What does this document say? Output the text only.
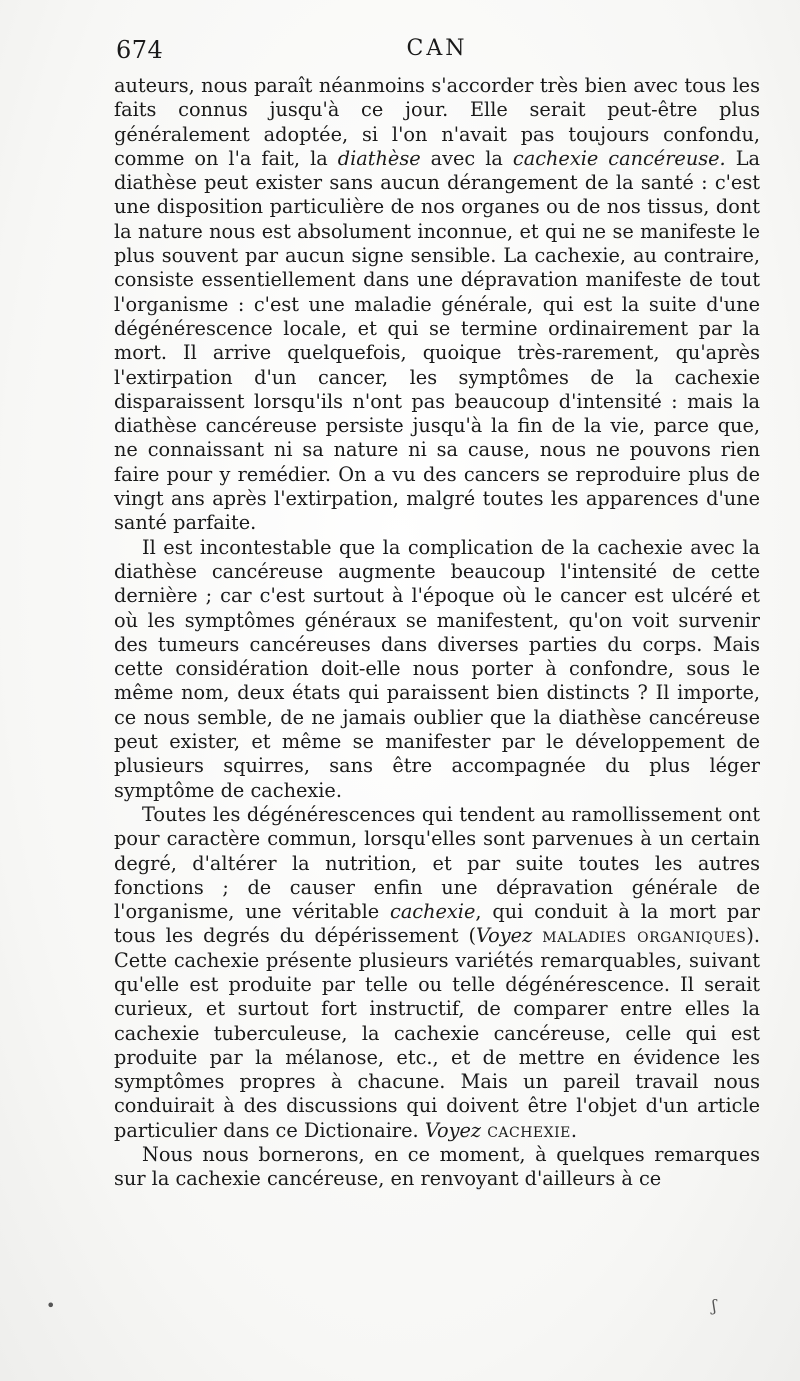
674	CAN

auteurs, nous paraît néanmoins s'accorder très bien avec tous les faits connus jusqu'à ce jour. Elle serait peut-être plus généralement adoptée, si l'on n'avait pas toujours confondu, comme on l'a fait, la diathèse avec la cachexie cancéreuse. La diathèse peut exister sans aucun dérangement de la santé : c'est une disposition particulière de nos organes ou de nos tissus, dont la nature nous est absolument inconnue, et qui ne se manifeste le plus souvent par aucun signe sensible. La cachexie, au contraire, consiste essentiellement dans une dépravation manifeste de tout l'organisme : c'est une maladie générale, qui est la suite d'une dégénérescence locale, et qui se termine ordinairement par la mort. Il arrive quelquefois, quoique très-rarement, qu'après l'extirpation d'un cancer, les symptômes de la cachexie disparaissent lorsqu'ils n'ont pas beaucoup d'intensité : mais la diathèse cancéreuse persiste jusqu'à la fin de la vie, parce que, ne connaissant ni sa nature ni sa cause, nous ne pouvons rien faire pour y remédier. On a vu des cancers se reproduire plus de vingt ans après l'extirpation, malgré toutes les apparences d'une santé parfaite.

Il est incontestable que la complication de la cachexie avec la diathèse cancéreuse augmente beaucoup l'intensité de cette dernière ; car c'est surtout à l'époque où le cancer est ulcéré et où les symptômes généraux se manifestent, qu'on voit survenir des tumeurs cancéreuses dans diverses parties du corps. Mais cette considération doit-elle nous porter à confondre, sous le même nom, deux états qui paraissent bien distincts ? Il importe, ce nous semble, de ne jamais oublier que la diathèse cancéreuse peut exister, et même se manifester par le développement de plusieurs squirres, sans être accompagnée du plus léger symptôme de cachexie.

Toutes les dégénérescences qui tendent au ramollissement ont pour caractère commun, lorsqu'elles sont parvenues à un certain degré, d'altérer la nutrition, et par suite toutes les autres fonctions ; de causer enfin une dépravation générale de l'organisme, une véritable cachexie, qui conduit à la mort par tous les degrés du dépérissement (Voyez maladies organiques). Cette cachexie présente plusieurs variétés remarquables, suivant qu'elle est produite par telle ou telle dégénérescence. Il serait curieux, et surtout fort instructif, de comparer entre elles la cachexie tuberculeuse, la cachexie cancéreuse, celle qui est produite par la mélanose, etc., et de mettre en évidence les symptômes propres à chacune. Mais un pareil travail nous conduirait à des discussions qui doivent être l'objet d'un article particulier dans ce Dictionaire. Voyez cachexie.

Nous nous bornerons, en ce moment, à quelques remarques sur la cachexie cancéreuse, en renvoyant d'ailleurs à ce

•	ʃ
